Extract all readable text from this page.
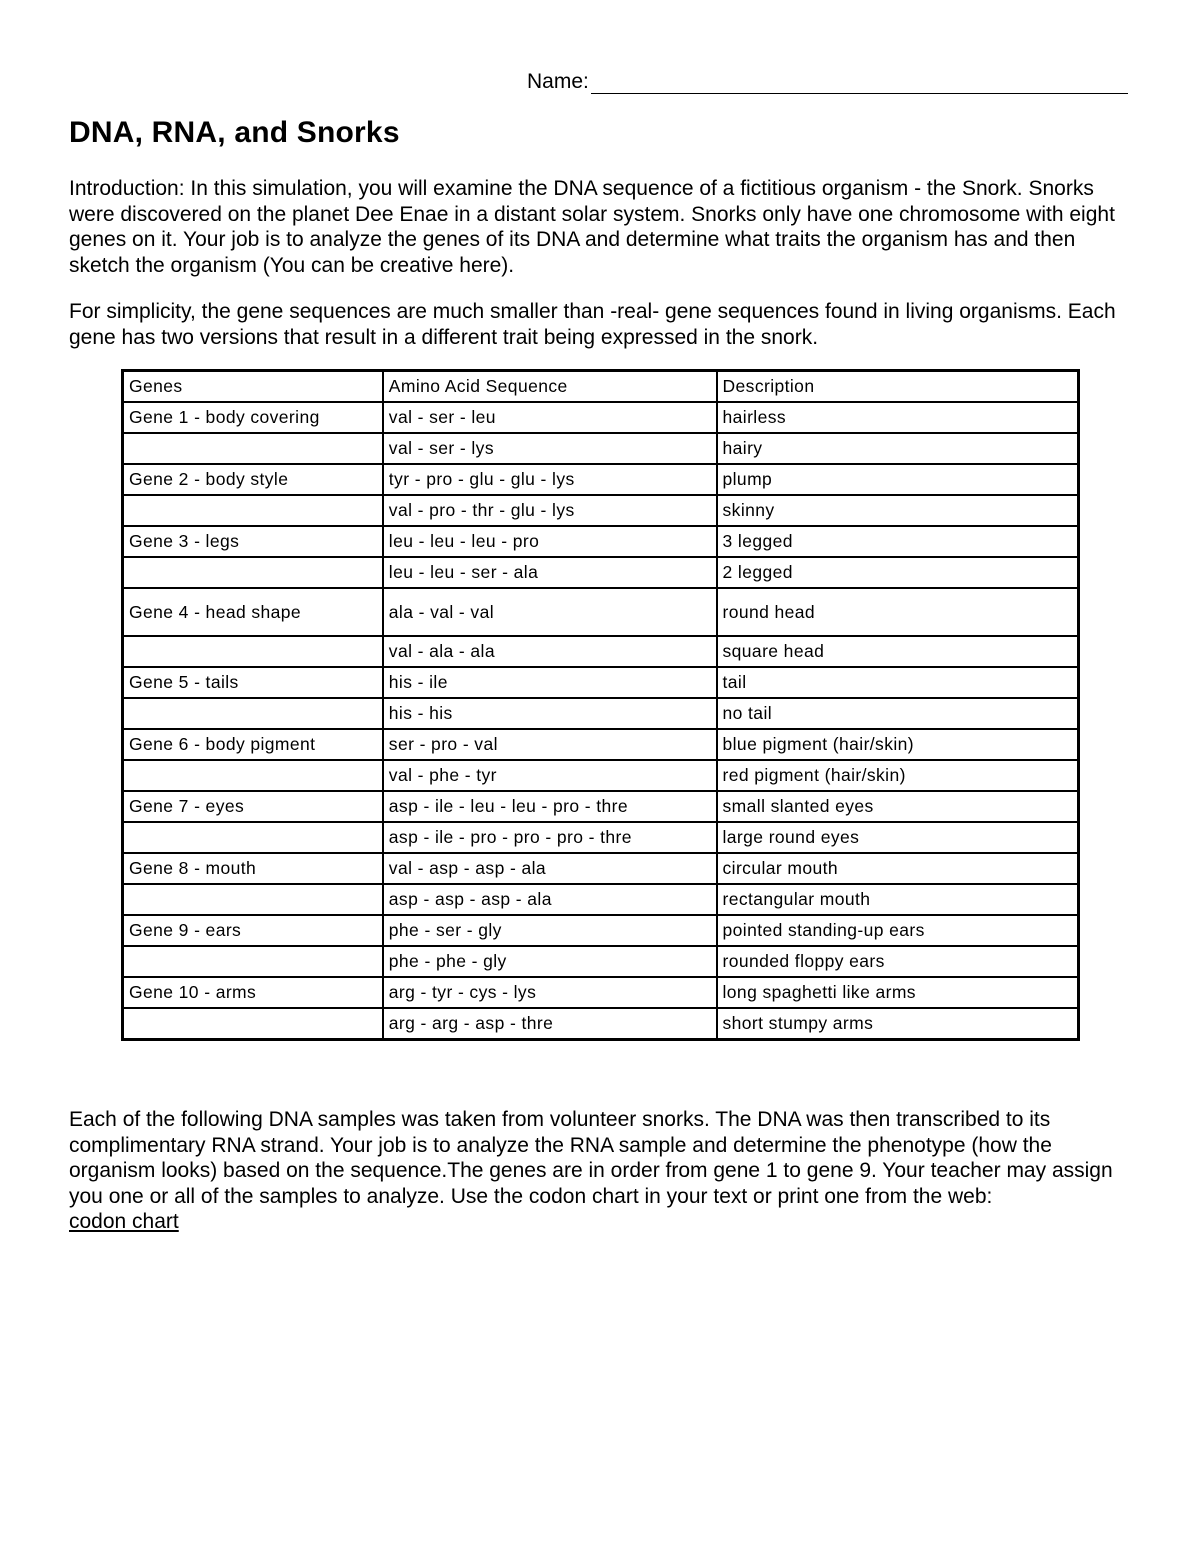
Name:
DNA, RNA, and Snorks

Introduction: In this simulation, you will examine the DNA sequence of a fictitious organism - the Snork. Snorks were discovered on the planet Dee Enae in a distant solar system. Snorks only have one chromosome with eight genes on it. Your job is to analyze the genes of its DNA and determine what traits the organism has and then sketch the organism (You can be creative here).

For simplicity, the gene sequences are much smaller than -real- gene sequences found in living organisms. Each gene has two versions that result in a different trait being expressed in the snork.

Genes	Amino Acid Sequence	Description
Gene 1 - body covering	val - ser - leu	hairless
	val - ser - lys	hairy
Gene 2 - body style	tyr - pro - glu - glu - lys	plump
	val - pro - thr - glu - lys	skinny
Gene 3 - legs	leu - leu - leu - pro	3 legged
	leu - leu - ser - ala	2 legged
Gene 4 - head shape	ala - val - val	round head
	val - ala - ala	square head
Gene 5 - tails	his - ile	tail
	his - his	no tail
Gene 6 - body pigment	ser - pro - val	blue pigment (hair/skin)
	val - phe - tyr	red pigment (hair/skin)
Gene 7 - eyes	asp - ile - leu - leu - pro - thre	small slanted eyes
	asp - ile - pro - pro - pro - thre	large round eyes
Gene 8 - mouth	val - asp - asp - ala	circular mouth
	asp - asp - asp - ala	rectangular mouth
Gene 9 - ears	phe - ser - gly	pointed standing-up ears
	phe - phe - gly	rounded floppy ears
Gene 10 - arms	arg - tyr - cys - lys	long spaghetti like arms
	arg - arg - asp - thre	short stumpy arms

Each of the following DNA samples was taken from volunteer snorks. The DNA was then transcribed to its complimentary RNA strand. Your job is to analyze the RNA sample and determine the phenotype (how the organism looks) based on the sequence.The genes are in order from gene 1 to gene 9. Your teacher may assign you one or all of the samples to analyze. Use the codon chart in your text or print one from the web:
codon chart
